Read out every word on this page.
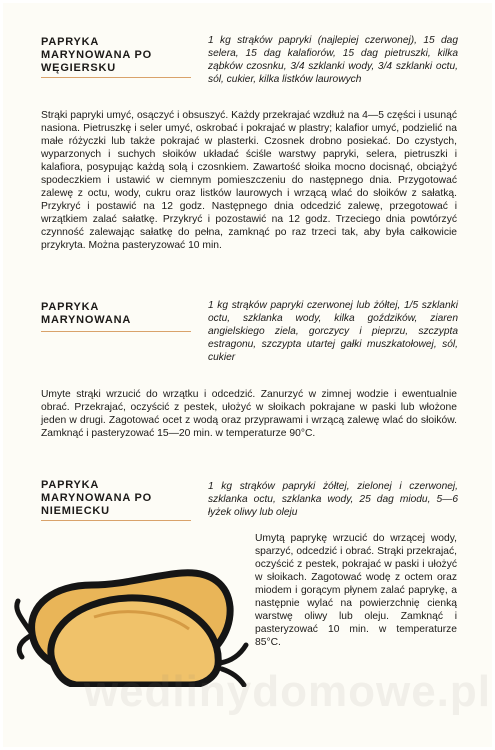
PAPRYKA
MARYNOWANA PO
WĘGIERSKU
1 kg strąków papryki (najlepiej czerwonej), 15 dag selera, 15 dag kalafiorów, 15 dag pietruszki, kilka ząbków czosnku, 3/4 szklanki wody, 3/4 szklanki octu, sól, cukier, kilka listków laurowych
Strąki papryki umyć, osączyć i obsuszyć. Każdy przekrajać wzdłuż na 4—5 części i usunąć nasiona. Pietruszkę i seler umyć, oskrobać i pokrajać w plastry; kalafior umyć, podzielić na małe różyczki lub także pokrajać w plasterki. Czosnek drobno posiekać. Do czystych, wyparzonych i suchych słoików układać ściśle warstwy papryki, selera, pietruszki i kalafiora, posypując każdą solą i czosnkiem. Zawartość słoika mocno docisnąć, obciążyć spodeczkiem i ustawić w ciemnym pomieszczeniu do następnego dnia. Przygotować zalewę z octu, wody, cukru oraz listków laurowych i wrzącą wlać do słoików z sałatką. Przykryć i postawić na 12 godz. Następnego dnia odcedzić zalewę, przegotować i wrzątkiem zalać sałatkę. Przykryć i pozostawić na 12 godz. Trzeciego dnia powtórzyć czynność zalewając sałatkę do pełna, zamknąć po raz trzeci tak, aby była całkowicie przykryta. Można pasteryzować 10 min.
PAPRYKA
MARYNOWANA
1 kg strąków papryki czerwonej lub żółtej, 1/5 szklanki octu, szklanka wody, kilka goździków, ziaren angielskiego ziela, gorczycy i pieprzu, szczypta estragonu, szczypta utartej gałki muszkatołowej, sól, cukier
Umyte strąki wrzucić do wrzątku i odcedzić. Zanurzyć w zimnej wodzie i ewentualnie obrać. Przekrajać, oczyścić z pestek, ułożyć w słoikach pokrajane w paski lub włożone jeden w drugi. Zagotować ocet z wodą oraz przyprawami i wrzącą zalewę wlać do słoików. Zamknąć i pasteryzować 15—20 min. w temperaturze 90°C.
PAPRYKA
MARYNOWANA PO
NIEMIECKU
1 kg strąków papryki żółtej, zielonej i czerwonej, szklanka octu, szklanka wody, 25 dag miodu, 5—6 łyżek oliwy lub oleju
Umytą paprykę wrzucić do wrzącej wody, sparzyć, odcedzić i obrać. Strąki przekrajać, oczyścić z pestek, pokrajać w paski i ułożyć w słoikach. Zagotować wodę z octem oraz miodem i gorącym płynem zalać paprykę, a następnie wylać na powierzchnię cienką warstwę oliwy lub oleju. Zamknąć i pasteryzować 10 min. w temperaturze 85°C.
wedlinydomowe.pl
